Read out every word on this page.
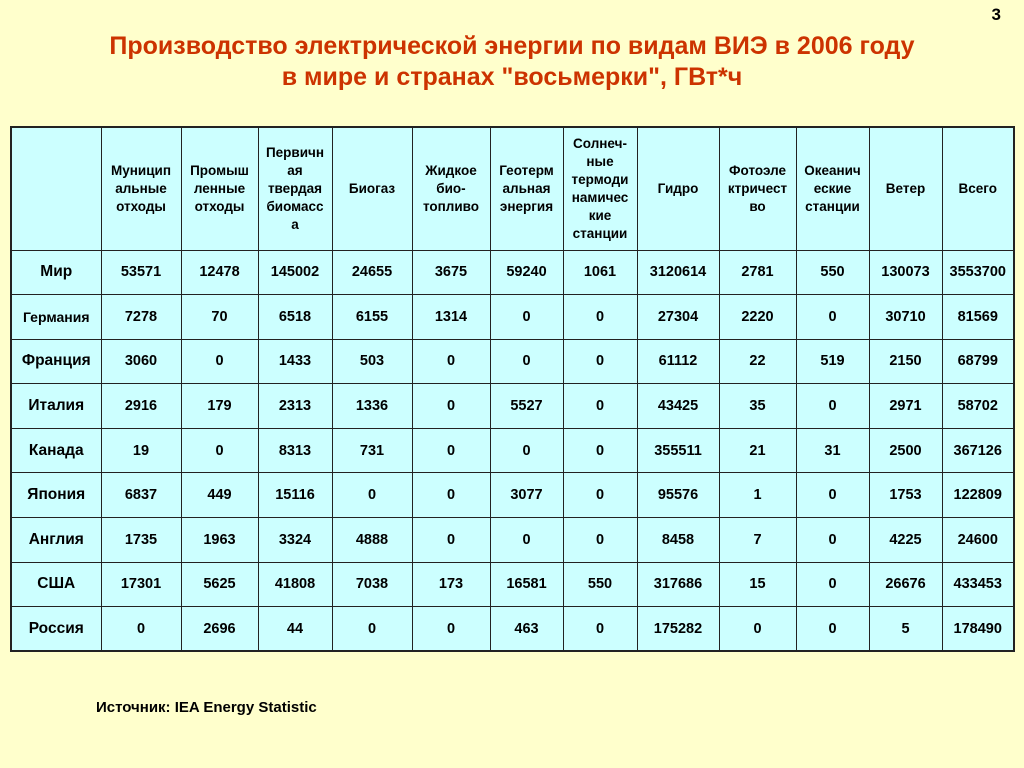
3
Производство электрической энергии по видам ВИЭ в 2006 году
в мире и странах "восьмерки", ГВт*ч
	Муниципальные отходы	Промышленные отходы	Первичная твердая биомасса	Биогаз	Жидкое био-топливо	Геотермальная энергия	Солнеч-ные термодинамические станции	Гидро	Фотоэлектричество	Океанические станции	Ветер	Всего
Мир	53571	12478	145002	24655	3675	59240	1061	3120614	2781	550	130073	3553700
Германия	7278	70	6518	6155	1314	0	0	27304	2220	0	30710	81569
Франция	3060	0	1433	503	0	0	0	61112	22	519	2150	68799
Италия	2916	179	2313	1336	0	5527	0	43425	35	0	2971	58702
Канада	19	0	8313	731	0	0	0	355511	21	31	2500	367126
Япония	6837	449	15116	0	0	3077	0	95576	1	0	1753	122809
Англия	1735	1963	3324	4888	0	0	0	8458	7	0	4225	24600
США	17301	5625	41808	7038	173	16581	550	317686	15	0	26676	433453
Россия	0	2696	44	0	0	463	0	175282	0	0	5	178490
Источник: IEA Energy Statistic
